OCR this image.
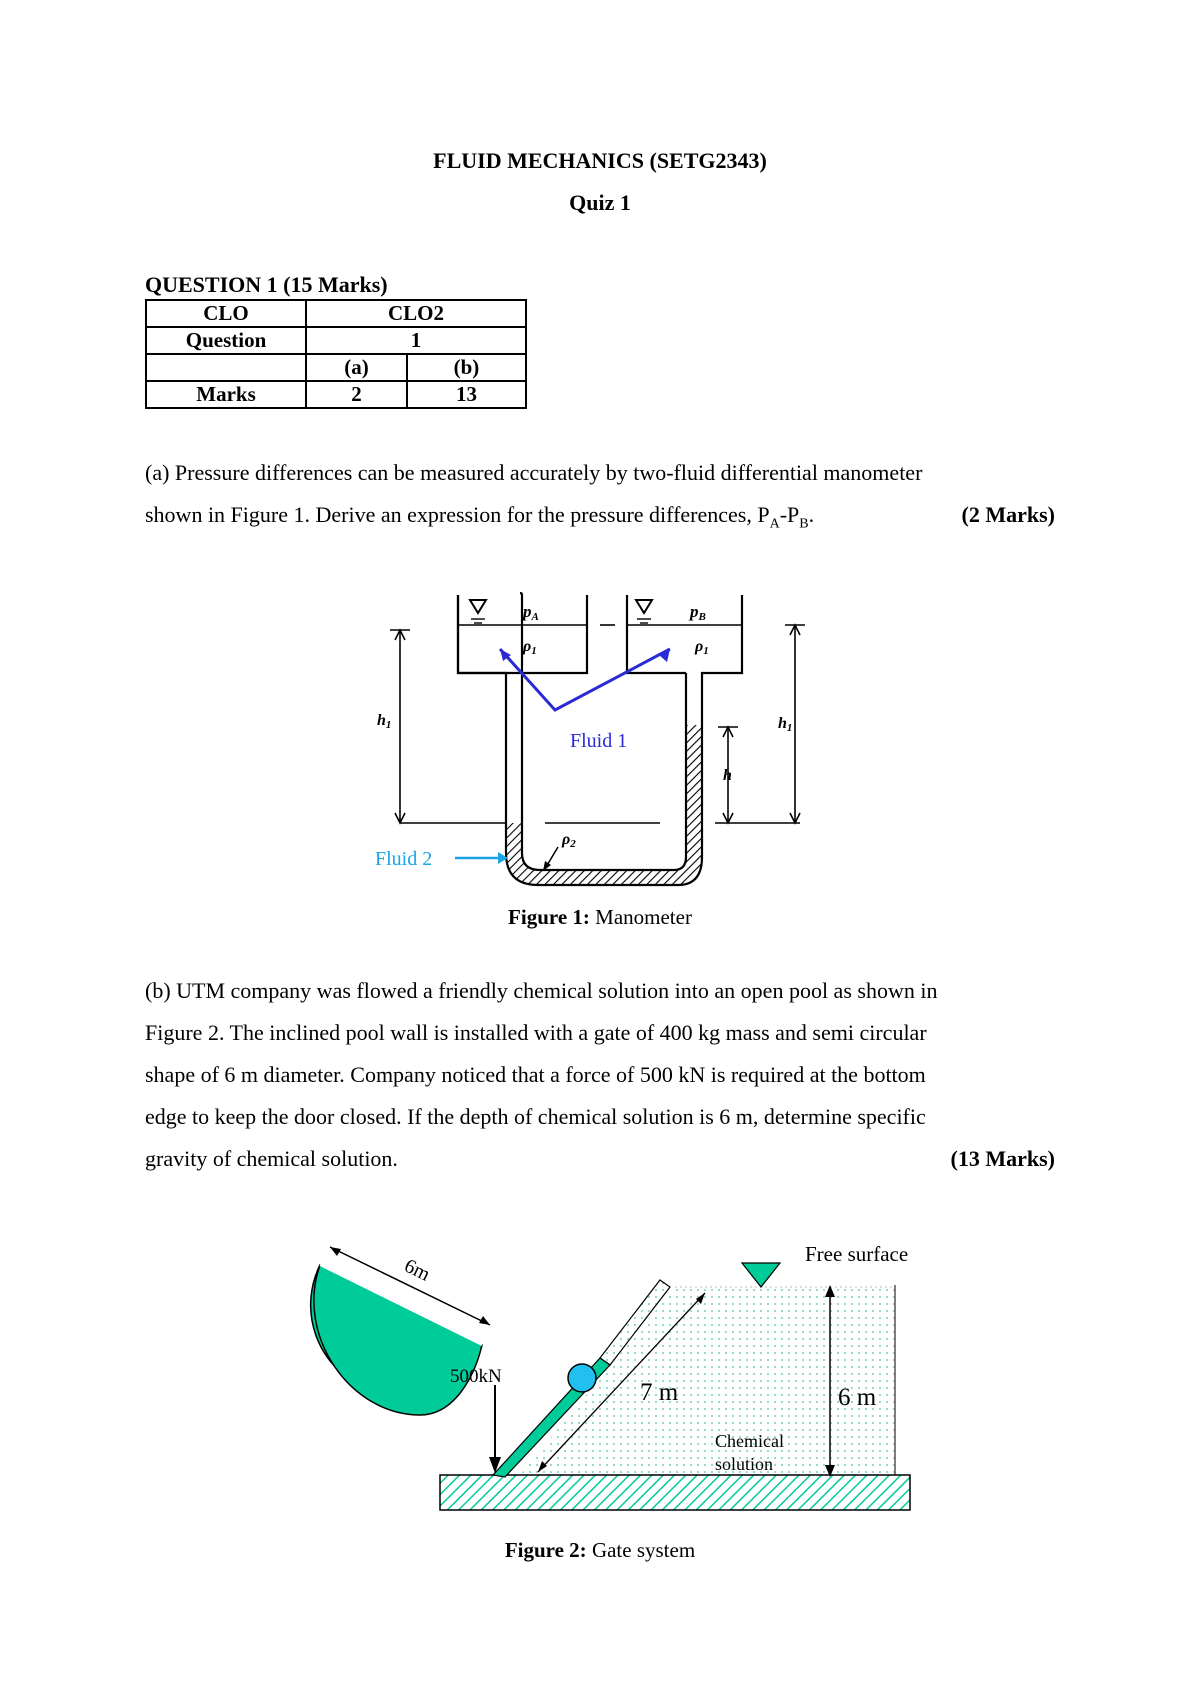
FLUID MECHANICS (SETG2343)
Quiz 1
QUESTION 1 (15 Marks)
CLO	CLO2	
Question	1	
	(a)	(b)
Marks	2	13
(a) Pressure differences can be measured accurately by two-fluid differential manometer
shown in Figure 1. Derive an expression for the pressure differences, $P_A-P_B$.	(2 Marks)
pA	pB
ρ1	ρ1
ρ2
h1	h1
h
Fluid 1
Fluid 2
Figure 1: Manometer
(b) UTM company was flowed a friendly chemical solution into an open pool as shown in
Figure 2. The inclined pool wall is installed with a gate of 400 kg mass and semi circular
shape of 6 m diameter. Company noticed that a force of 500 kN is required at the bottom
edge to keep the door closed. If the depth of chemical solution is 6 m, determine specific
gravity of chemical solution.	(13 Marks)
6m
500kN
7 m
Chemical
solution
6 m
Free surface
Figure 2: Gate system
